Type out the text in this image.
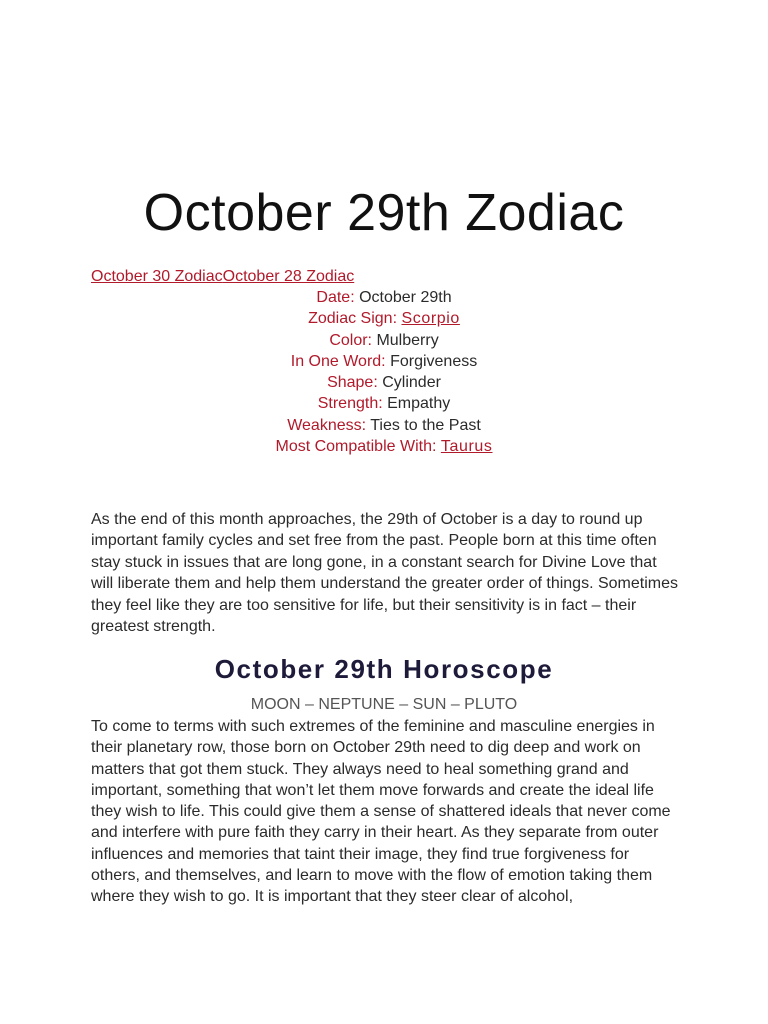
October 29th Zodiac
October 30 ZodiacOctober 28 Zodiac
Date: October 29th
Zodiac Sign: Scorpio
Color: Mulberry
In One Word: Forgiveness
Shape: Cylinder
Strength: Empathy
Weakness: Ties to the Past
Most Compatible With: Taurus

As the end of this month approaches, the 29th of October is a day to round up important family cycles and set free from the past. People born at this time often stay stuck in issues that are long gone, in a constant search for Divine Love that will liberate them and help them understand the greater order of things. Sometimes they feel like they are too sensitive for life, but their sensitivity is in fact – their greatest strength.

October 29th Horoscope
MOON – NEPTUNE – SUN – PLUTO

To come to terms with such extremes of the feminine and masculine energies in their planetary row, those born on October 29th need to dig deep and work on matters that got them stuck. They always need to heal something grand and important, something that won’t let them move forwards and create the ideal life they wish to life. This could give them a sense of shattered ideals that never come and interfere with pure faith they carry in their heart. As they separate from outer influences and memories that taint their image, they find true forgiveness for others, and themselves, and learn to move with the flow of emotion taking them where they wish to go. It is important that they steer clear of alcohol,
